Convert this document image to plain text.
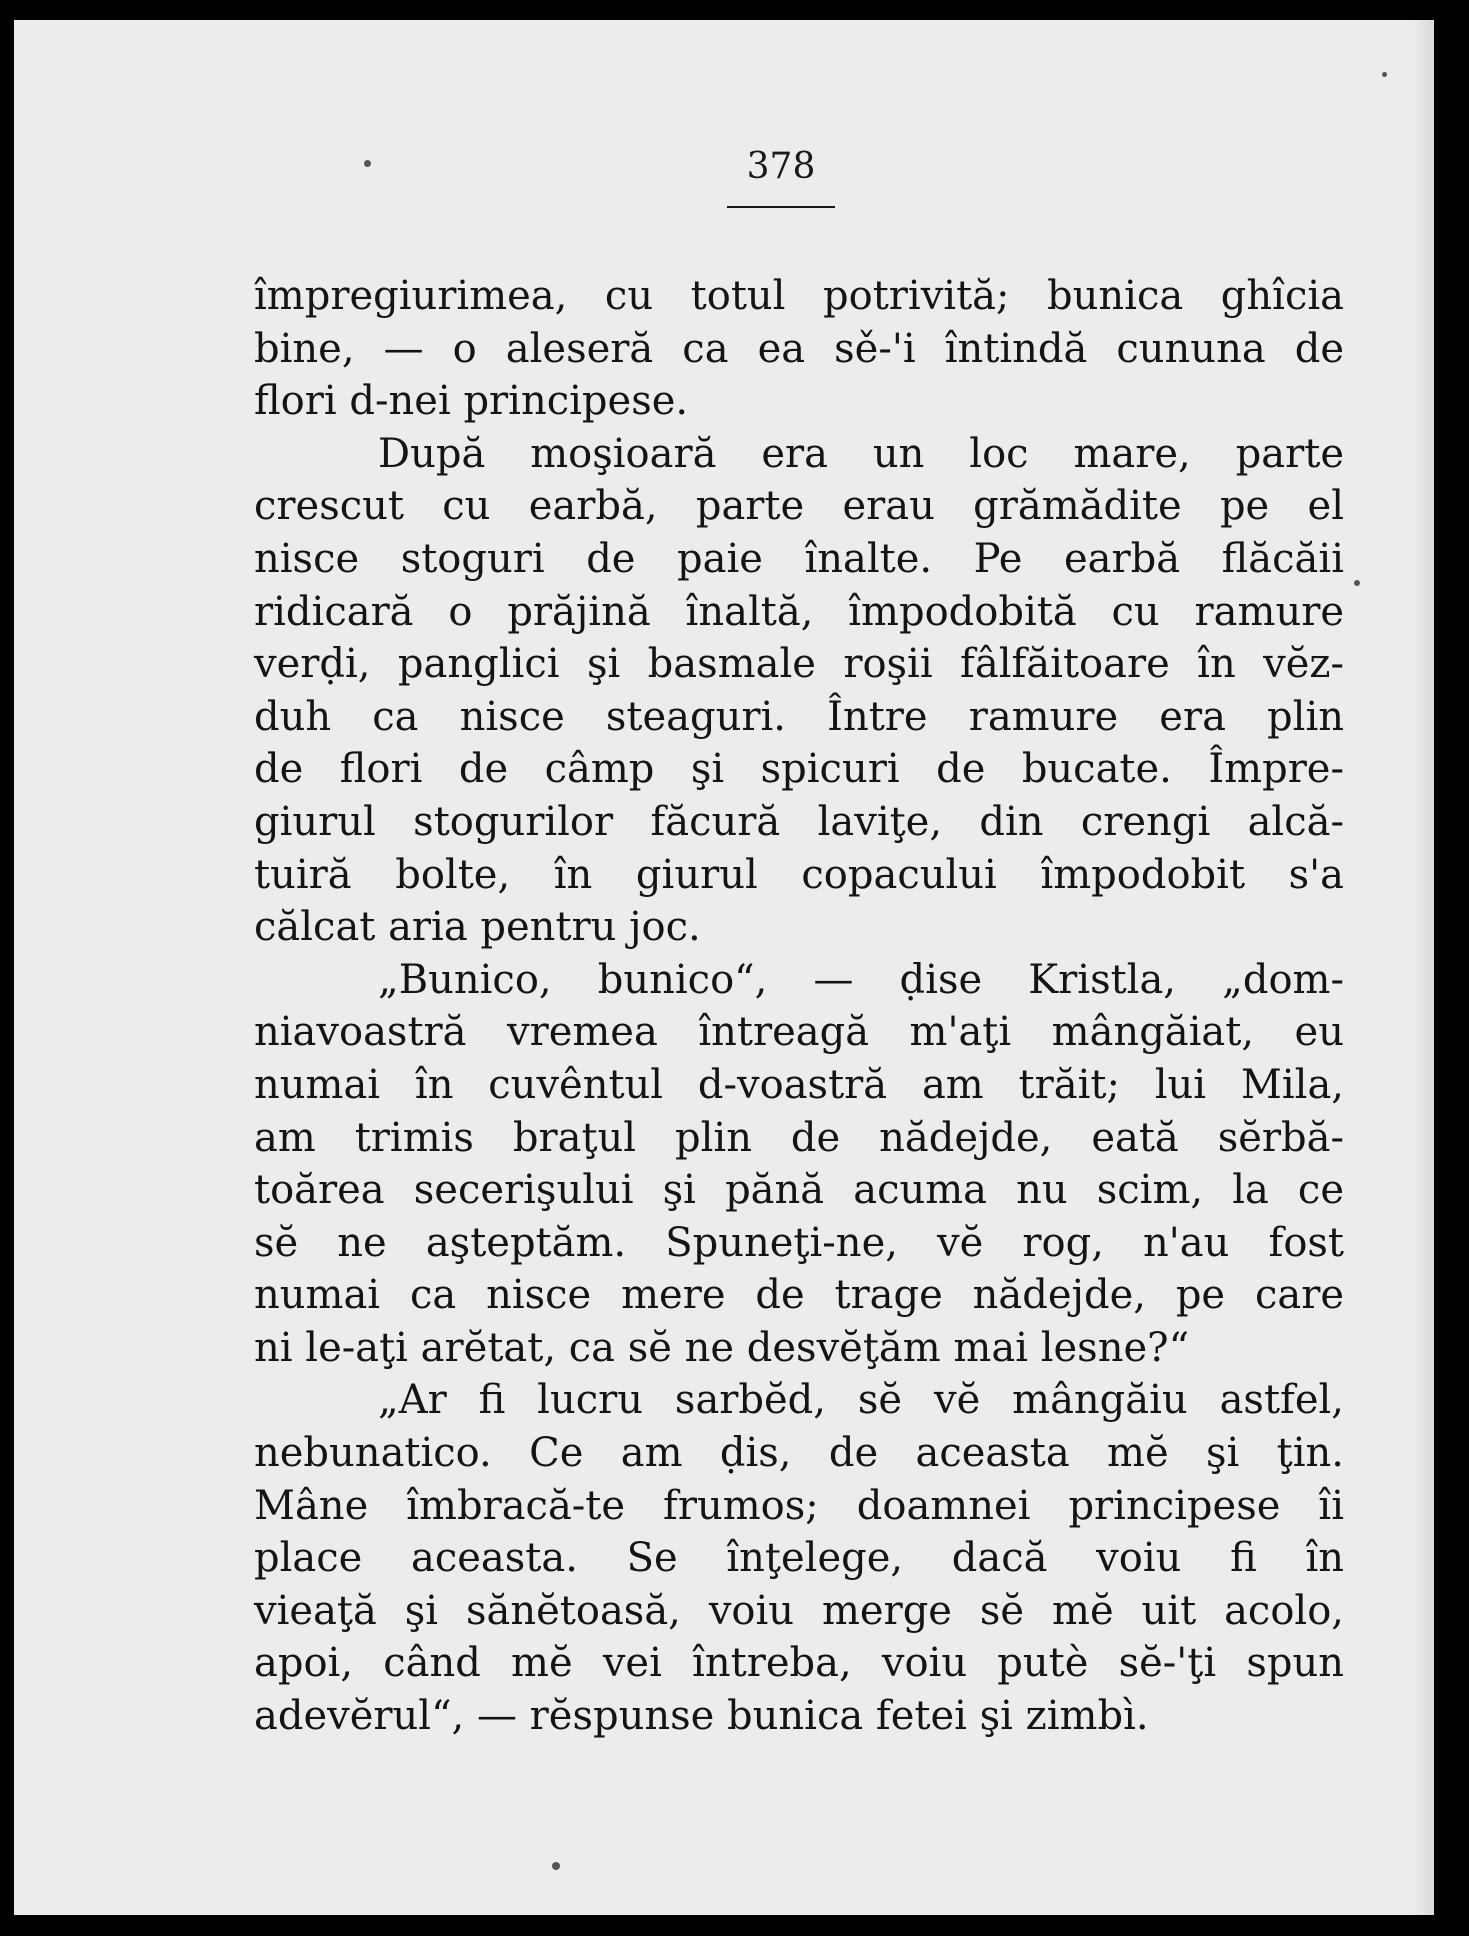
378

împregiurimea, cu totul potrivită; bunica ghîcia
bine, — o aleseră ca ea sě-'i întindă cununa de
flori d-nei principese.
După moşioară era un loc mare, parte
crescut cu earbă, parte erau grămădite pe el
nisce stoguri de paie înalte. Pe earbă flăcăii
ridicară o prăjină înaltă, împodobită cu ramure
verḍi, panglici şi basmale roşii fâlfăitoare în vĕz-
duh ca nisce steaguri. Între ramure era plin
de flori de câmp şi spicuri de bucate. Împre-
giurul stogurilor făcură laviţe, din crengi alcă-
tuiră bolte, în giurul copacului împodobit s'a
călcat aria pentru joc.
„Bunico, bunico“, — ḍise Kristla, „dom-
niavoastră vremea întreagă m'aţi mângăiat, eu
numai în cuvêntul d-voastră am trăit; lui Mila,
am trimis braţul plin de nădejde, eată sĕrbă-
toărea secerişului şi pănă acuma nu scim, la ce
sĕ ne aşteptăm. Spuneţi-ne, vĕ rog, n'au fost
numai ca nisce mere de trage nădejde, pe care
ni le-aţi arĕtat, ca sĕ ne desvĕţăm mai lesne?“
„Ar fi lucru sarbĕd, sĕ vĕ mângăiu astfel,
nebunatico. Ce am ḍis, de aceasta mĕ şi ţin.
Mâne îmbracă-te frumos; doamnei principese îi
place aceasta. Se înţelege, dacă voiu fi în
vieaţă şi sănĕtoasă, voiu merge sĕ mĕ uit acolo,
apoi, când mĕ vei întreba, voiu putè sĕ-'ţi spun
adevĕrul“, — rĕspunse bunica fetei şi zimbì.
